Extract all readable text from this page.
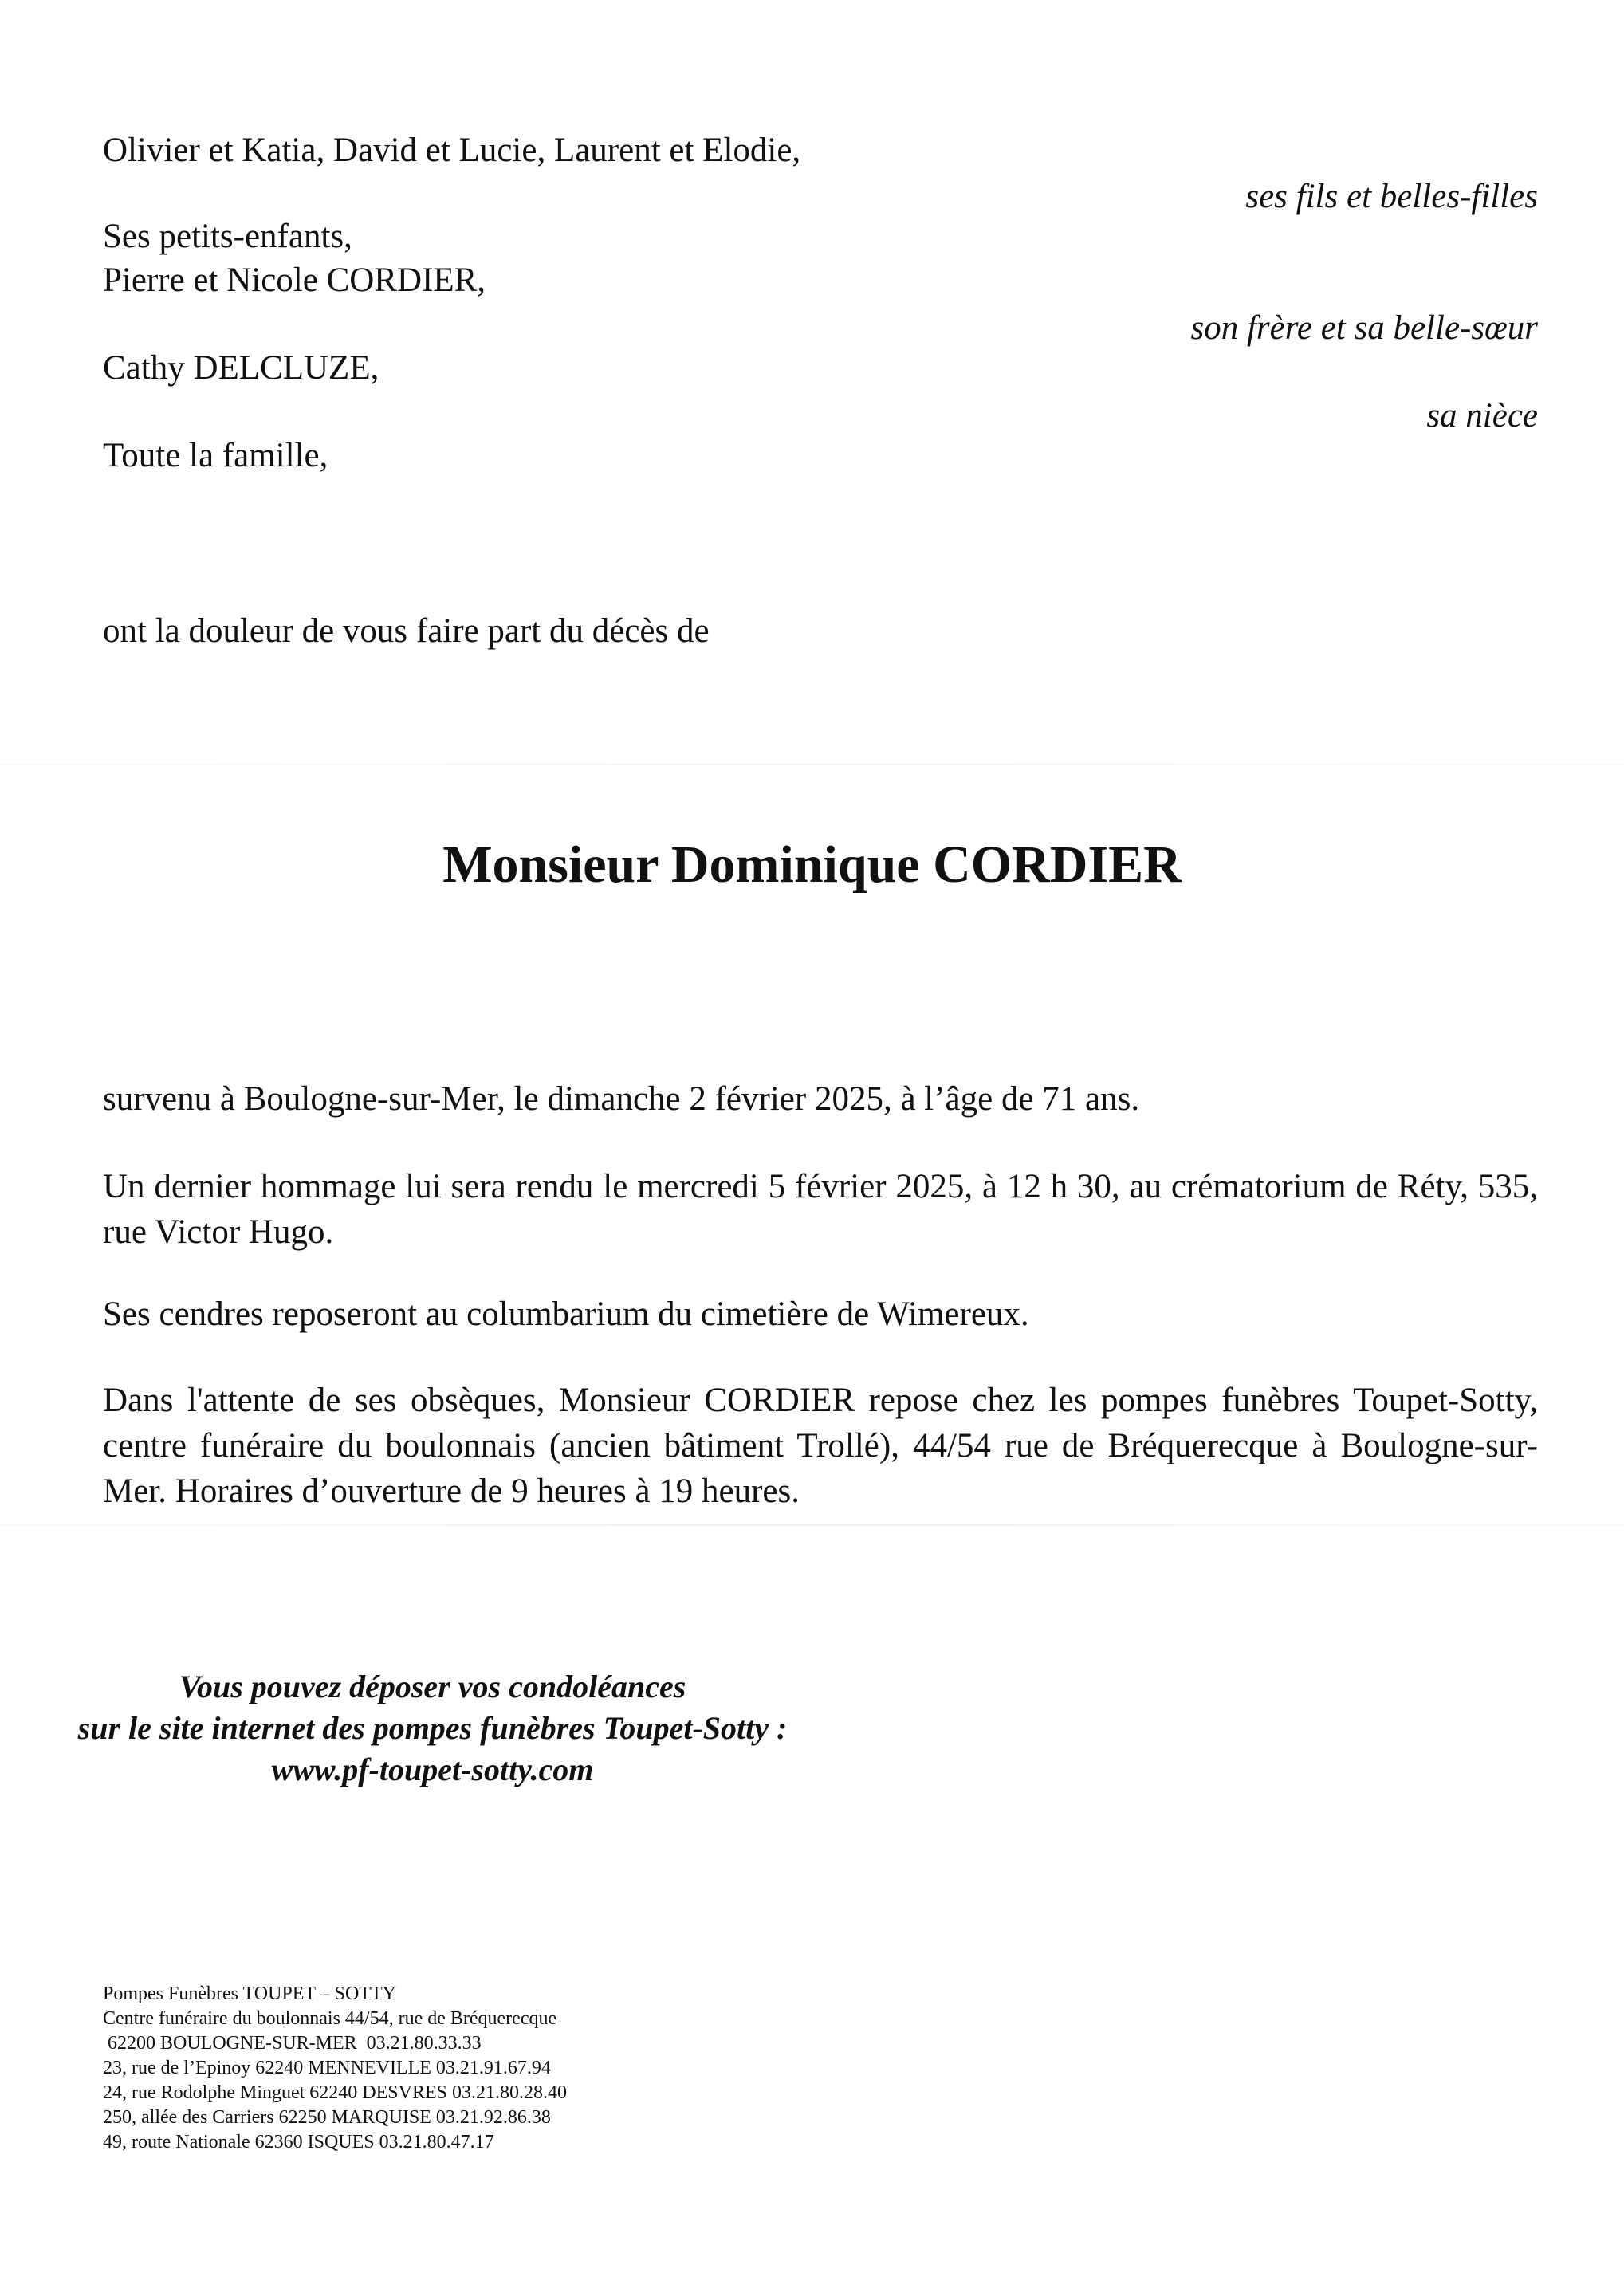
Olivier et Katia, David et Lucie, Laurent et Elodie,
ses fils et belles-filles
Ses petits-enfants,
Pierre et Nicole CORDIER,
son frère et sa belle-sœur
Cathy DELCLUZE,
sa nièce
Toute la famille,
ont la douleur de vous faire part du décès de
Monsieur Dominique CORDIER
survenu à Boulogne-sur-Mer, le dimanche 2 février 2025, à l’âge de 71 ans.
Un dernier hommage lui sera rendu le mercredi 5 février 2025, à 12 h 30, au crématorium de Réty, 535, rue Victor Hugo.
Ses cendres reposeront au columbarium du cimetière de Wimereux.
Dans l'attente de ses obsèques, Monsieur CORDIER repose chez les pompes funèbres Toupet-Sotty, centre funéraire du boulonnais (ancien bâtiment Trollé), 44/54 rue de Bréquerecque à Boulogne-sur-Mer. Horaires d’ouverture de 9 heures à 19 heures.
Vous pouvez déposer vos condoléances
sur le site internet des pompes funèbres Toupet-Sotty :
www.pf-toupet-sotty.com
Pompes Funèbres TOUPET – SOTTY
Centre funéraire du boulonnais 44/54, rue de Bréquerecque
62200 BOULOGNE-SUR-MER  03.21.80.33.33
23, rue de l’Epinoy 62240 MENNEVILLE 03.21.91.67.94
24, rue Rodolphe Minguet 62240 DESVRES 03.21.80.28.40
250, allée des Carriers 62250 MARQUISE 03.21.92.86.38
49, route Nationale 62360 ISQUES 03.21.80.47.17
